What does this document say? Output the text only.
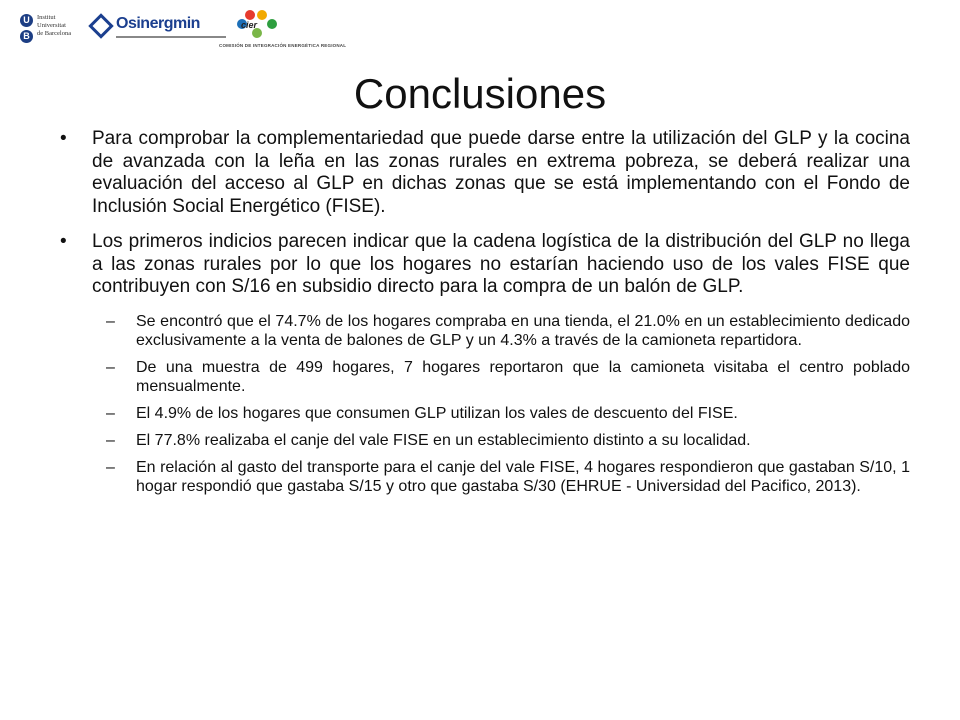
U
B
Institut
Universitat
de Barcelona
Osinergmin	cier
COMISIÓN DE INTEGRACIÓN ENERGÉTICA REGIONAL
Conclusiones
• Para comprobar la complementariedad que puede darse entre la utilización del GLP y la cocina de avanzada con la leña en las zonas rurales en extrema pobreza, se deberá realizar una evaluación del acceso al GLP en dichas zonas que se está implementando con el Fondo de Inclusión Social Energético (FISE).
• Los primeros indicios parecen indicar que la cadena logística de la distribución del GLP no llega a las zonas rurales por lo que los hogares no estarían haciendo uso de los vales FISE que contribuyen con S/16 en subsidio directo para la compra de un balón de GLP.
– Se encontró que el 74.7% de los hogares compraba en una tienda, el 21.0% en un establecimiento dedicado exclusivamente a la venta de balones de GLP y un 4.3% a través de la camioneta repartidora.
– De una muestra de 499 hogares, 7 hogares reportaron que la camioneta visitaba el centro poblado mensualmente.
– El 4.9% de los hogares que consumen GLP utilizan los vales de descuento del FISE.
– El 77.8% realizaba el canje del vale FISE en un establecimiento distinto a su localidad.
– En relación al gasto del transporte para el canje del vale FISE, 4 hogares respondieron que gastaban S/10, 1 hogar respondió que gastaba S/15 y otro que gastaba S/30 (EHRUE - Universidad del Pacifico, 2013).
